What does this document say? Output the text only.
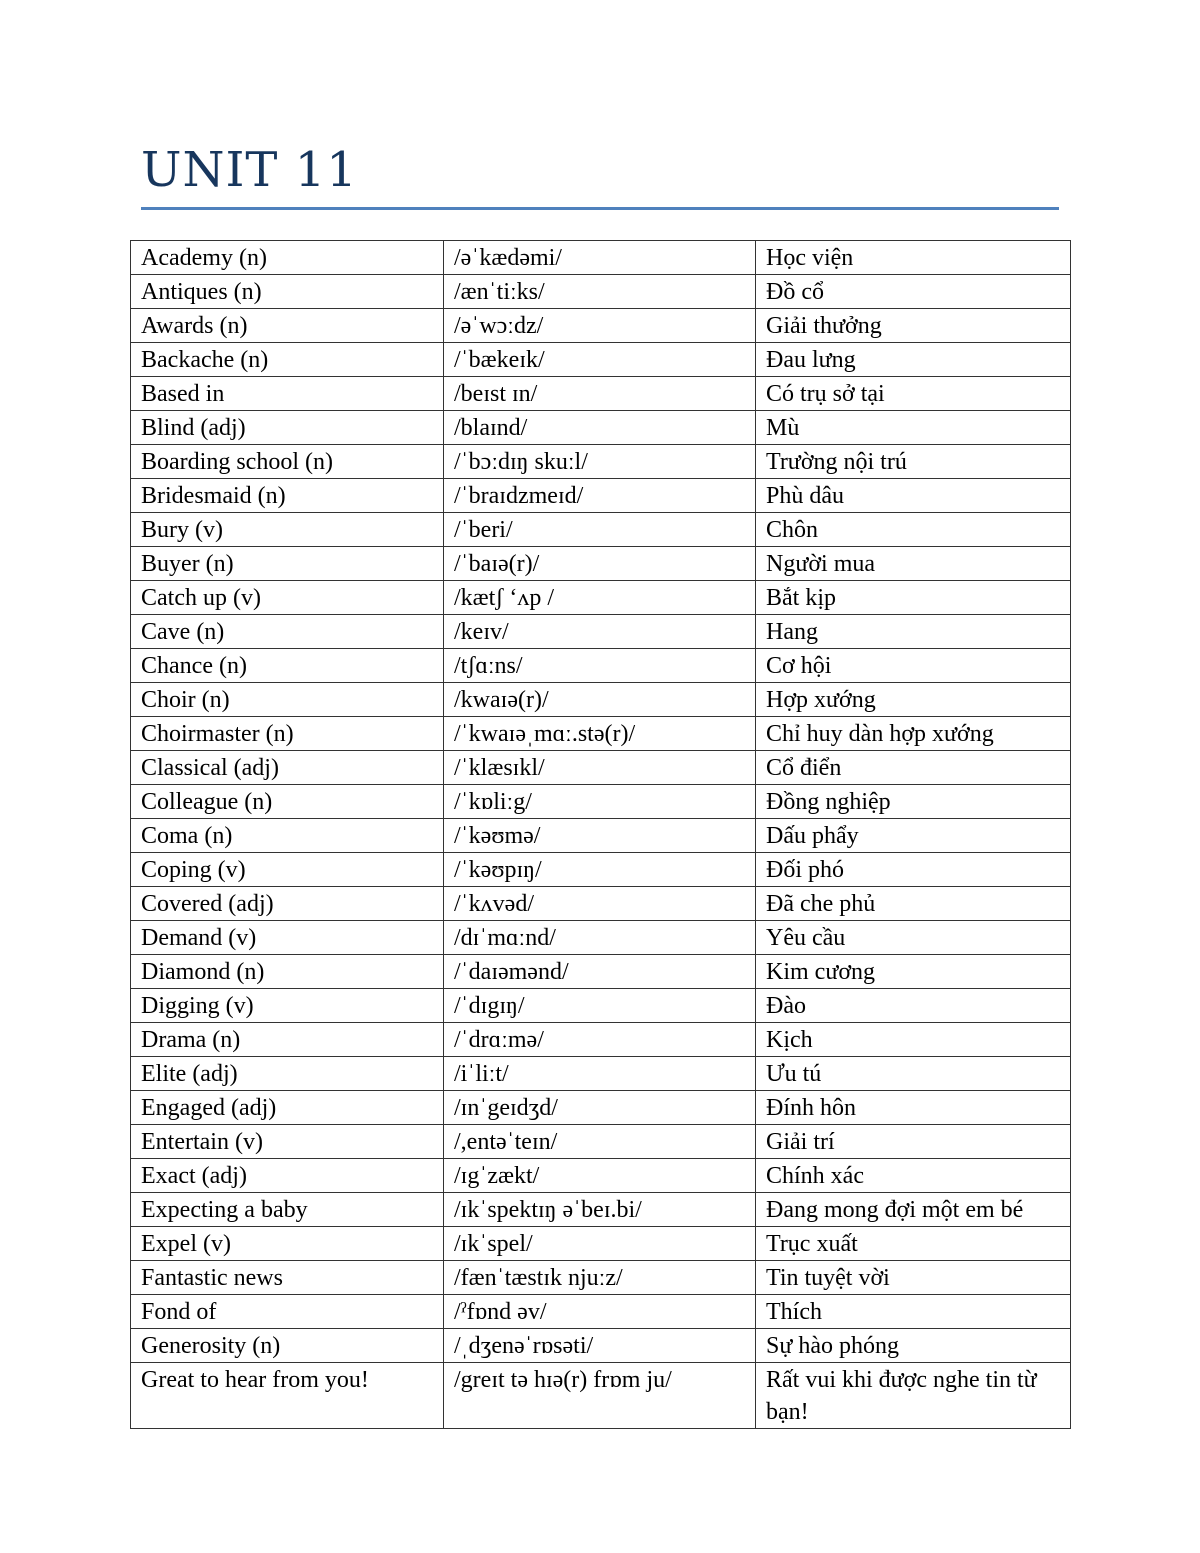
UNIT 11
Academy (n)	/əˈkædəmi/	Học viện
Antiques (n)	/ænˈtiːks/	Đồ cổ
Awards (n)	/əˈwɔːdz/	Giải thưởng
Backache (n)	/ˈbækeɪk/	Đau lưng
Based in	/beɪst ɪn/	Có trụ sở tại
Blind (adj)	/blaɪnd/	Mù
Boarding school (n)	/ˈbɔːdɪŋ skuːl/	Trường nội trú
Bridesmaid (n)	/ˈbraɪdzmeɪd/	Phù dâu
Bury (v)	/ˈberi/	Chôn
Buyer (n)	/ˈbaɪə(r)/	Người mua
Catch up (v)	/kætʃ ‘ʌp /	Bắt kịp
Cave (n)	/keɪv/	Hang
Chance (n)	/tʃɑːns/	Cơ hội
Choir (n)	/kwaɪə(r)/	Hợp xướng
Choirmaster (n)	/ˈkwaɪəˌmɑː.stə(r)/	Chỉ huy dàn hợp xướng
Classical (adj)	/ˈklæsɪkl/	Cổ điển
Colleague (n)	/ˈkɒliːg/	Đồng nghiệp
Coma (n)	/ˈkəʊmə/	Dấu phẩy
Coping (v)	/ˈkəʊpɪŋ/	Đối phó
Covered (adj)	/ˈkʌvəd/	Đã che phủ
Demand (v)	/dɪˈmɑːnd/	Yêu cầu
Diamond (n)	/ˈdaɪəmənd/	Kim cương
Digging (v)	/ˈdɪgɪŋ/	Đào
Drama (n)	/ˈdrɑːmə/	Kịch
Elite (adj)	/iˈliːt/	Ưu tú
Engaged (adj)	/ɪnˈgeɪdʒd/	Đính hôn
Entertain (v)	/,entəˈteɪn/	Giải trí
Exact (adj)	/ɪgˈzækt/	Chính xác
Expecting a baby	/ɪkˈspektɪŋ əˈbeɪ.bi/	Đang mong đợi một em bé
Expel (v)	/ɪkˈspel/	Trục xuất
Fantastic news	/fænˈtæstɪk njuːz/	Tin tuyệt vời
Fond of	/ˀfɒnd əv/	Thích
Generosity (n)	/ˌdʒenəˈrɒsəti/	Sự hào phóng
Great to hear from you!	/greɪt tə hɪə(r) frɒm ju/	Rất vui khi được nghe tin từ bạn!
